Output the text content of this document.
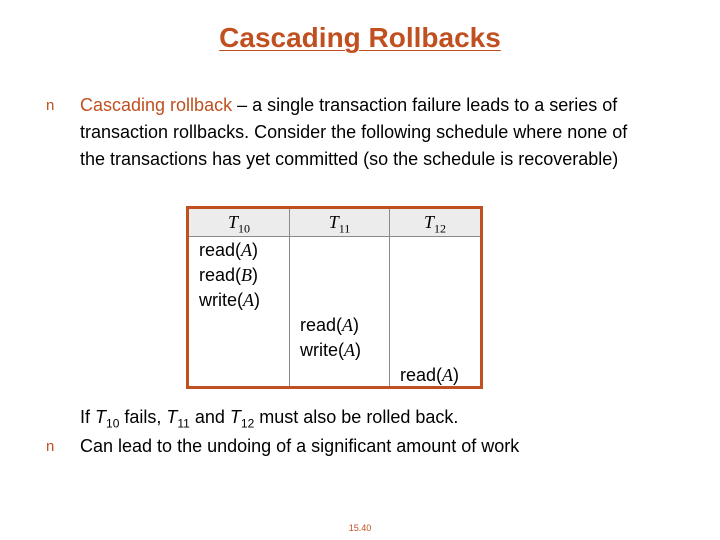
Cascading Rollbacks
n Cascading rollback – a single transaction failure leads to a series of transaction rollbacks. Consider the following schedule where none of the transactions has yet committed (so the schedule is recoverable)
$T_{10}$
read(A)
read(B)
write(A)
$T_{11}$
read(A)
write(A)
$T_{12}$
read(A)
If $T_{10}$ fails, $T_{11}$ and $T_{12}$ must also be rolled back.
n Can lead to the undoing of a significant amount of work
15.40
